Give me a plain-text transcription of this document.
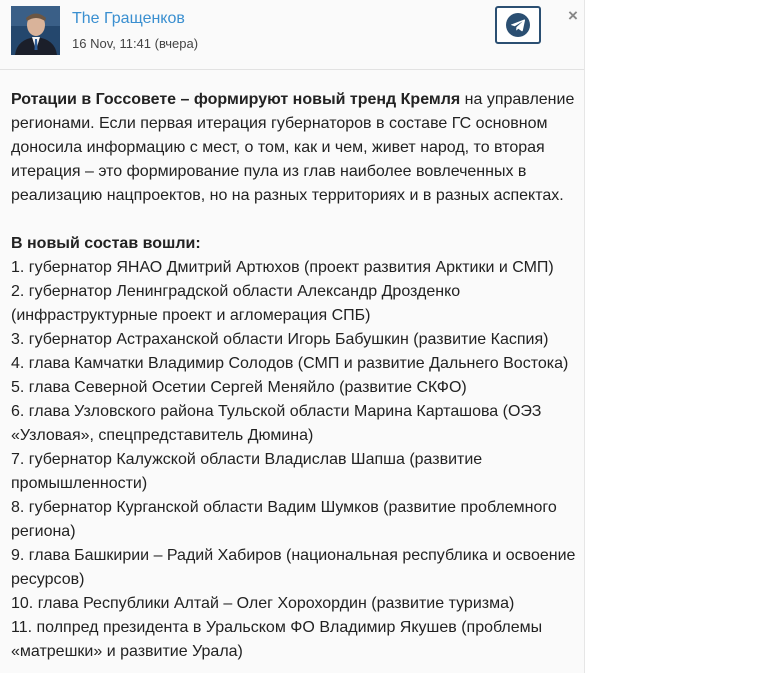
The Гращенков
16 Nov, 11:41 (вчера)
×

Ротации в Госсовете – формируют новый тренд Кремля на управление регионами. Если первая итерация губернаторов в составе ГС основном доносила информацию с мест, о том, как и чем, живет народ, то вторая итерация – это формирование пула из глав наиболее вовлеченных в реализацию нацпроектов, но на разных территориях и в разных аспектах.

В новый состав вошли:

1. губернатор ЯНАО Дмитрий Артюхов (проект развития Арктики и СМП)

2. губернатор Ленинградской области Александр Дрозденко (инфраструктурные проект и агломерация СПБ)

3. губернатор Астраханской области Игорь Бабушкин (развитие Каспия)

4. глава Камчатки Владимир Солодов (СМП и развитие Дальнего Востока)

5. глава Северной Осетии Сергей Меняйло (развитие СКФО)

6. глава Узловского района Тульской области Марина Карташова (ОЭЗ «Узловая», спецпредставитель Дюмина)

7. губернатор Калужской области Владислав Шапша (развитие промышленности)

8. губернатор Курганской области Вадим Шумков (развитие проблемного региона)

9. глава Башкирии – Радий Хабиров (национальная республика и освоение ресурсов)

10. глава Республики Алтай – Олег Хорохордин (развитие туризма)

11. полпред президента в Уральском ФО Владимир Якушев (проблемы «матрешки» и развитие Урала)
